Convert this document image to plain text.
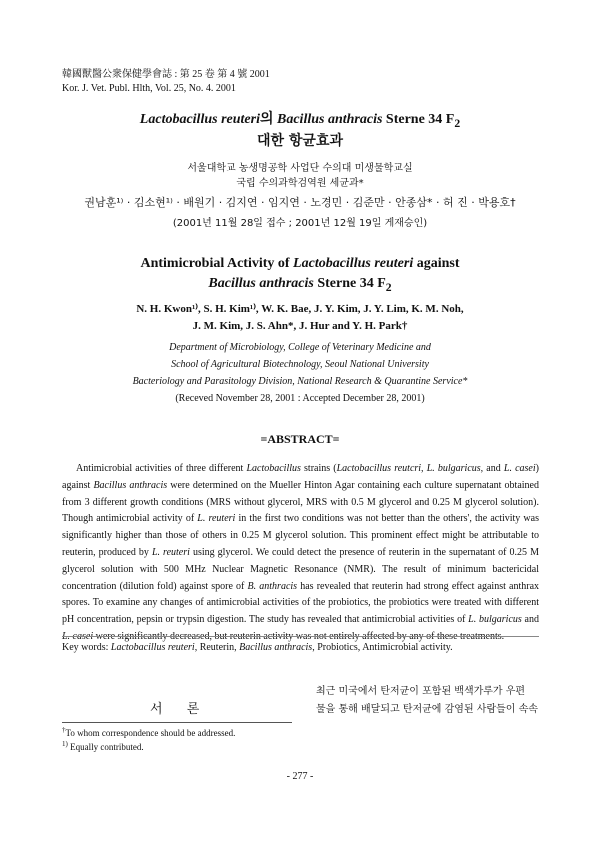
韓國獸醫公衆保健學會誌 : 第 25 卷 第 4 號 2001
Kor. J. Vet. Publ. Hlth, Vol. 25, No. 4. 2001
Lactobacillus reuteri의 Bacillus anthracis Sterne 34 $F_2$
대한 항균효과
서울대학교 농생명공학 사업단 수의대 미생물학교실
국립 수의과학검역원 세균과*
권남훈¹⁾ · 김소현¹⁾ · 배원기 · 김지연 · 임지연 · 노경민 · 김준만 · 안종삼* · 허 진 · 박용호†
(2001년 11월 28일 접수 ; 2001년 12월 19일 게재승인)
Antimicrobial Activity of Lactobacillus reuteri against
Bacillus anthracis Sterne 34 $F_2$
N. H. Kwon¹⁾, S. H. Kim¹⁾, W. K. Bae, J. Y. Kim, J. Y. Lim, K. M. Noh,
J. M. Kim, J. S. Ahn*, J. Hur and Y. H. Park†
Department of Microbiology, College of Veterinary Medicine and
School of Agricultural Biotechnology, Seoul National University
Bacteriology and Parasitology Division, National Research & Quarantine Service*
(Receved November 28, 2001 : Accepted December 28, 2001)
=ABSTRACT=
Antimicrobial activities of three different Lactobacillus strains (Lactobacillus reutcri, L. bulgaricus, and L. casei) against Bacillus anthracis were determined on the Mueller Hinton Agar containing each culture supernatant obtained from 3 different growth conditions (MRS without glycerol, MRS with 0.5 M glycerol and 0.25 M glycerol solution). Though antimicrobial activity of L. reuteri in the first two conditions was not better than the others', the activity was significantly higher than those of others in 0.25 M glycerol solution. This prominent effect might be attributable to reuterin, produced by L. reuteri using glycerol. We could detect the presence of reuterin in the supernatant of 0.25 M glycerol solution with 500 MHz Nuclear Magnetic Resonance (NMR). The result of minimum bactericidal concentration (dilution fold) against spore of B. anthracis has revealed that reuterin had strong effect against anthrax spores. To examine any changes of antimicrobial activities of the probiotics, the probiotics were treated with different pH concentration, pepsin or trypsin digestion. The study has revealed that antimicrobial activities of L. bulgaricus and L. casei were significantly decreased, but reuterin activity was not entirely affected by any of these treatments.
Key words: Lactobacillus reuteri, Reuterin, Bacillus anthracis, Probiotics, Antimicrobial activity.
서 론
최근 미국에서 탄저균이 포함된 백색가루가 우편
물을 통해 배달되고 탄저균에 감염된 사람들이 속속
†To whom correspondence should be addressed.
$^{1)}$ Equally contributed.
- 277 -
